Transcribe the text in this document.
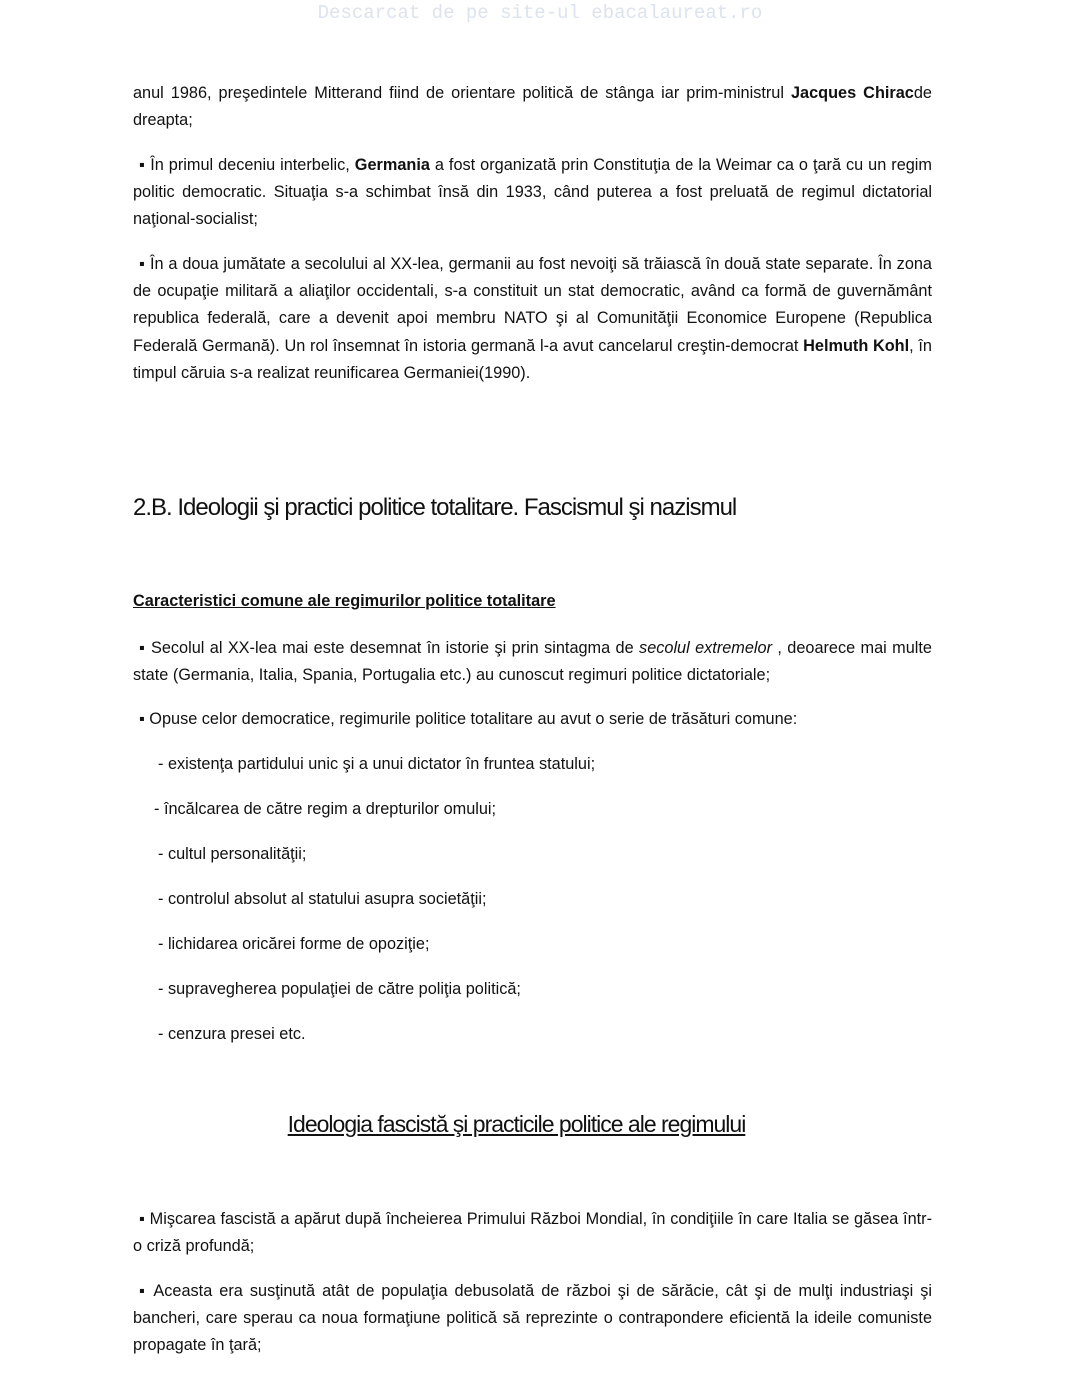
Descarcat de pe site-ul ebacalaureat.ro
anul 1986, preşedintele Mitterand fiind de orientare politică de stânga iar prim-ministrul Jacques Chiracde dreapta;
▪ În primul deceniu interbelic, Germania a fost organizată prin Constituţia de la Weimar ca o ţară cu un regim politic democratic. Situaţia s-a schimbat însă din 1933, când puterea a fost preluată de regimul dictatorial naţional-socialist;
▪ În a doua jumătate a secolului al XX-lea, germanii au fost nevoiţi să trăiască în două state separate. În zona de ocupaţie militară a aliaţilor occidentali, s-a constituit un stat democratic, având ca formă de guvernământ republica federală, care a devenit apoi membru NATO şi al Comunităţii Economice Europene (Republica Federală Germană). Un rol însemnat în istoria germană l-a avut cancelarul creştin-democrat Helmuth Kohl, în timpul căruia s-a realizat reunificarea Germaniei(1990).
2.B. Ideologii şi practici politice totalitare. Fascismul şi nazismul
Caracteristici comune ale regimurilor politice totalitare
▪ Secolul al XX-lea mai este desemnat în istorie şi prin sintagma de secolul extremelor , deoarece mai multe state (Germania, Italia, Spania, Portugalia etc.) au cunoscut regimuri politice dictatoriale;
▪ Opuse celor democratice, regimurile politice totalitare au avut o serie de trăsături comune:
- existenţa partidului unic şi a unui dictator în fruntea statului;
- încălcarea de către regim a drepturilor omului;
- cultul personalităţii;
- controlul absolut al statului asupra societăţii;
- lichidarea oricărei forme de opoziţie;
- supravegherea populaţiei de către poliţia politică;
- cenzura presei etc.
Ideologia fascistă şi practicile politice ale regimului
▪ Mişcarea fascistă a apărut după încheierea Primului Război Mondial, în condiţiile în care Italia se găsea într-o criză profundă;
▪ Aceasta era susţinută atât de populaţia debusolată de război şi de sărăcie, cât şi de mulţi industriaşi şi bancheri, care sperau ca noua formaţiune politică să reprezinte o contrapondere eficientă la ideile comuniste propagate în ţară;
